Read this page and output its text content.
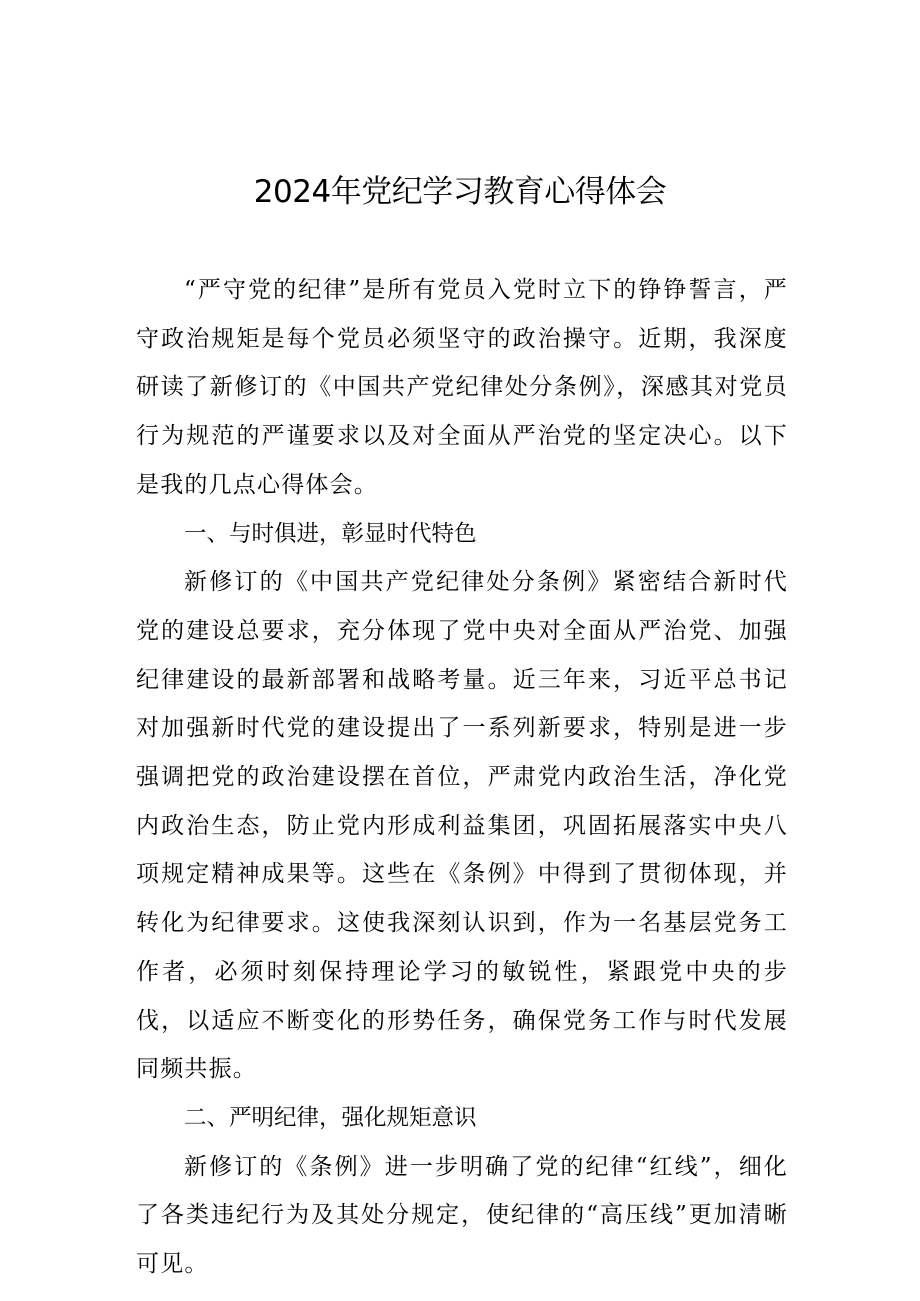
2024年党纪学习教育心得体会

“严守党的纪律”是所有党员入党时立下的铮铮誓言，严守政治规矩是每个党员必须坚守的政治操守。近期，我深度研读了新修订的《中国共产党纪律处分条例》，深感其对党员行为规范的严谨要求以及对全面从严治党的坚定决心。以下是我的几点心得体会。

一、与时俱进，彰显时代特色

新修订的《中国共产党纪律处分条例》紧密结合新时代党的建设总要求，充分体现了党中央对全面从严治党、加强纪律建设的最新部署和战略考量。近三年来，习近平总书记对加强新时代党的建设提出了一系列新要求，特别是进一步强调把党的政治建设摆在首位，严肃党内政治生活，净化党内政治生态，防止党内形成利益集团，巩固拓展落实中央八项规定精神成果等。这些在《条例》中得到了贯彻体现，并转化为纪律要求。这使我深刻认识到，作为一名基层党务工作者，必须时刻保持理论学习的敏锐性，紧跟党中央的步伐，以适应不断变化的形势任务，确保党务工作与时代发展同频共振。

二、严明纪律，强化规矩意识

新修订的《条例》进一步明确了党的纪律“红线”，细化了各类违纪行为及其处分规定，使纪律的“高压线”更加清晰可见。
